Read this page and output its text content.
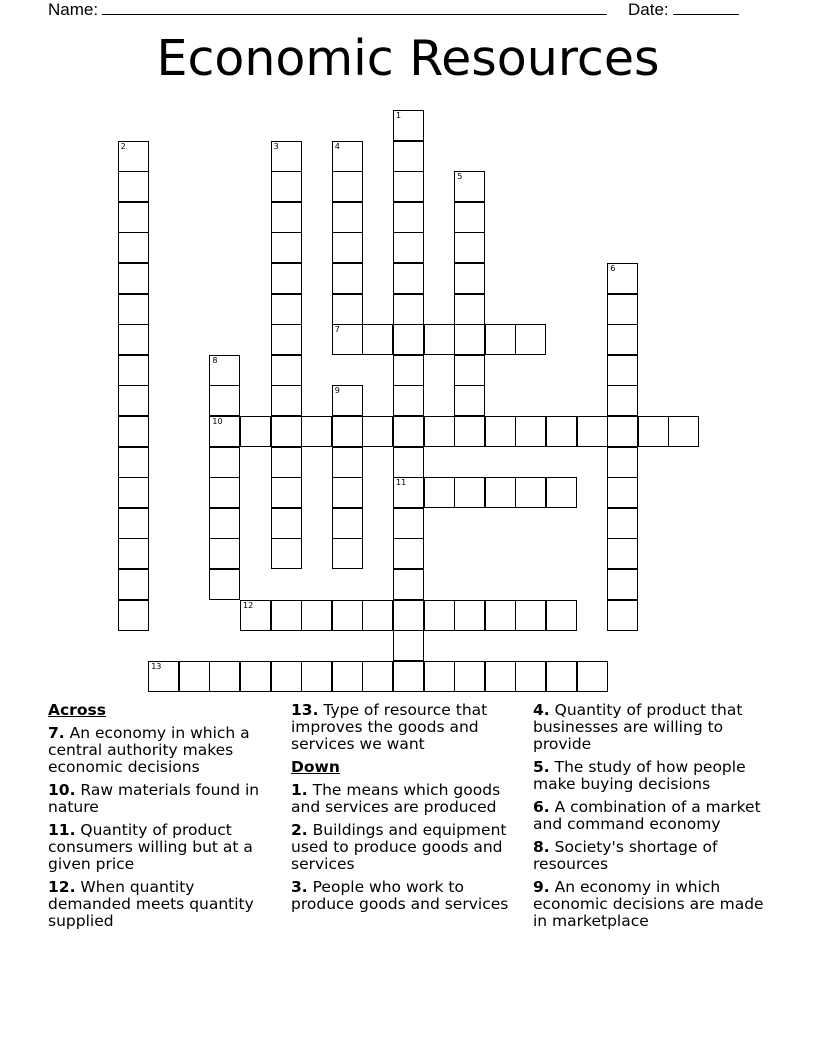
Name:	Date:
Economic Resources
7
10
11
12
13
1
2	3	4
5
6
8
9
Across
7. An economy in which a central authority makes economic decisions
10. Raw materials found in nature
11. Quantity of product consumers willing but at a given price
12. When quantity demanded meets quantity supplied
13. Type of resource that improves the goods and services we want
Down
1. The means which goods and services are produced
2. Buildings and equipment used to produce goods and services
3. People who work to produce goods and services
4. Quantity of product that businesses are willing to provide
5. The study of how people make buying decisions
6. A combination of a market and command economy
8. Society's shortage of resources
9. An economy in which economic decisions are made in marketplace
